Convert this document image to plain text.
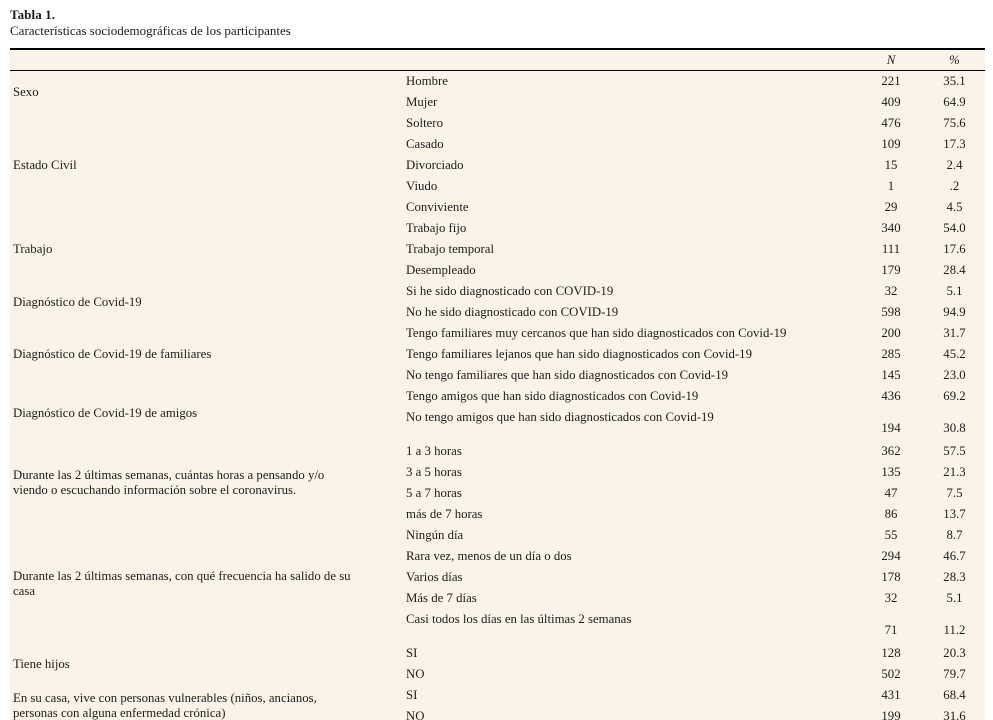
Tabla 1.
Características sociodemográficas de los participantes
		N	%
Sexo	Hombre	221	35.1
	Mujer	409	64.9
Estado Civil	Soltero	476	75.6
	Casado	109	17.3
	Divorciado	15	2.4
	Viudo	1	.2
	Conviviente	29	4.5
Trabajo	Trabajo fijo	340	54.0
	Trabajo temporal	111	17.6
	Desempleado	179	28.4
Diagnóstico de Covid-19	Si he sido diagnosticado con COVID-19	32	5.1
	No he sido diagnosticado con COVID-19	598	94.9
Diagnóstico de Covid-19 de familiares	Tengo familiares muy cercanos que han sido diagnosticados con Covid-19	200	31.7
	Tengo familiares lejanos que han sido diagnosticados con Covid-19	285	45.2
	No tengo familiares que han sido diagnosticados con Covid-19	145	23.0
Diagnóstico de Covid-19 de amigos	Tengo amigos que han sido diagnosticados con Covid-19	436	69.2
	No tengo amigos que han sido diagnosticados con Covid-19	194	30.8
Durante las 2 últimas semanas, cuántas horas a pensando y/o viendo o escuchando información sobre el coronavirus.	1 a 3 horas	362	57.5
	3 a 5 horas	135	21.3
	5 a 7 horas	47	7.5
	más de 7 horas	86	13.7
Durante las 2 últimas semanas, con qué frecuencia ha salido de su casa	Ningún día	55	8.7
	Rara vez, menos de un día o dos	294	46.7
	Varios días	178	28.3
	Más de 7 días	32	5.1
	Casi todos los días en las últimas 2 semanas	71	11.2
Tiene hijos	SI	128	20.3
	NO	502	79.7
En su casa, vive con personas vulnerables (niños, ancianos, personas con alguna enfermedad crónica)	SI	431	68.4
	NO	199	31.6
